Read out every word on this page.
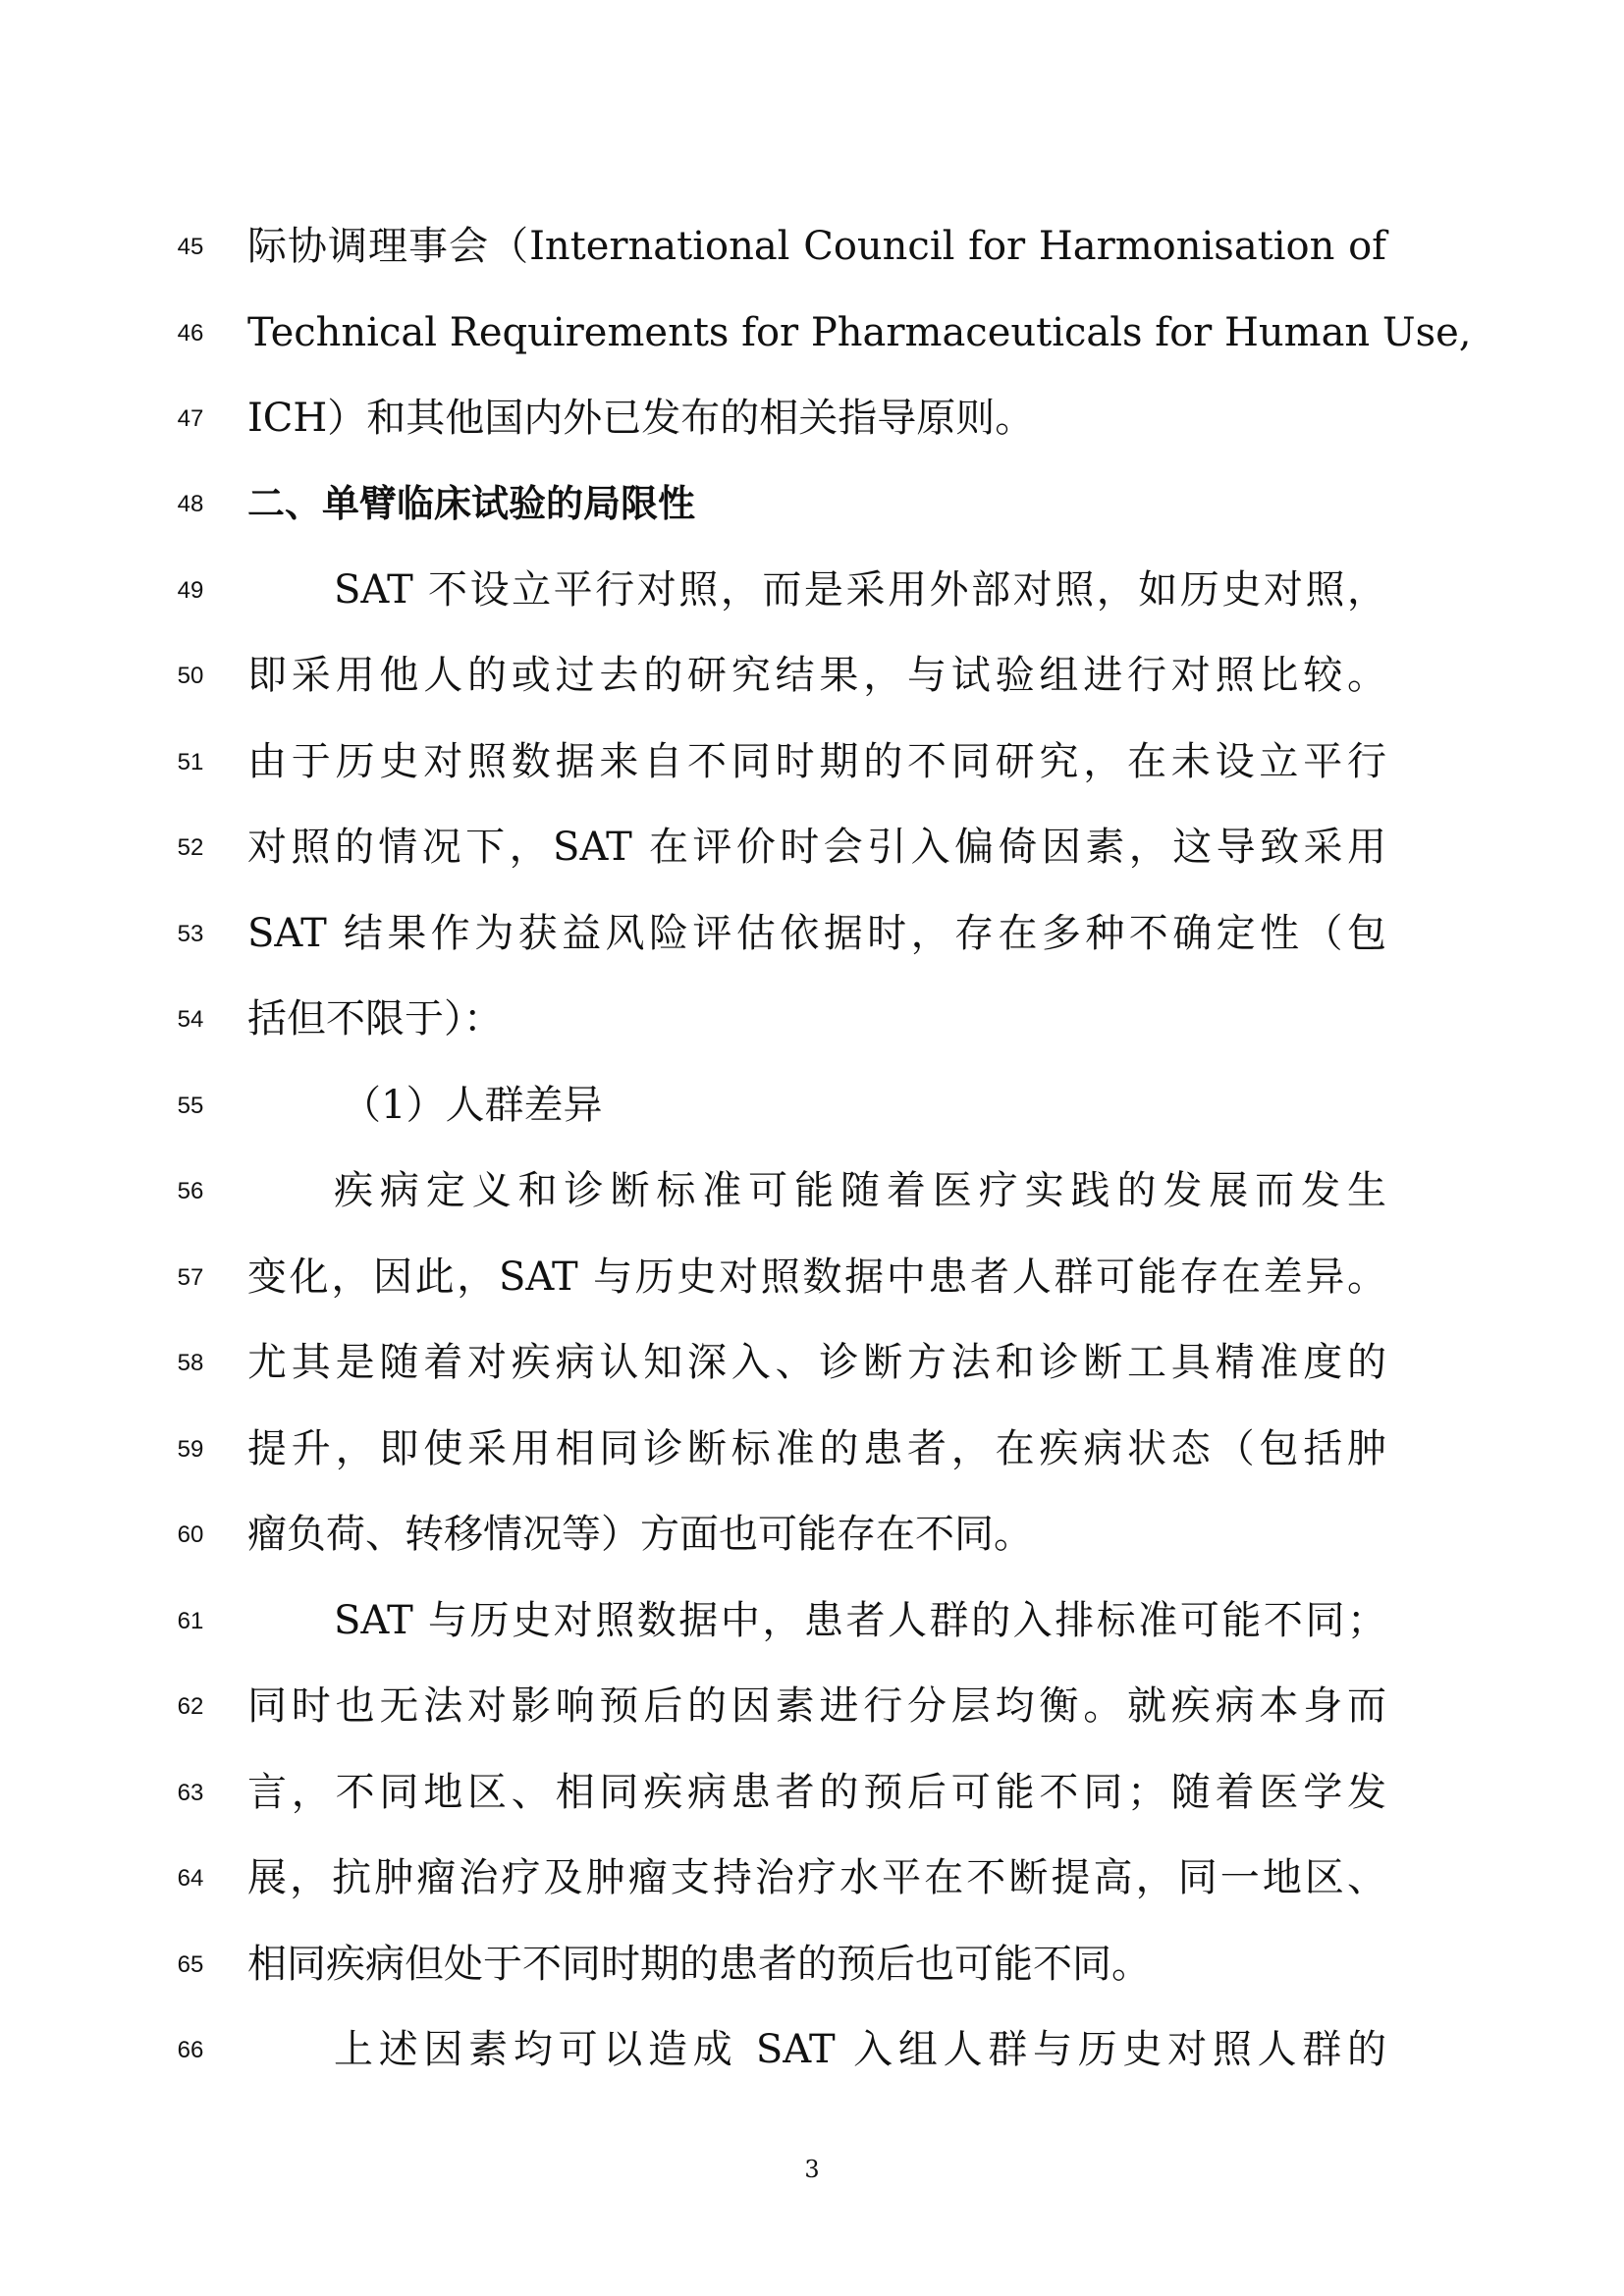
45	际协调理事会（International Council for Harmonisation of
46	Technical Requirements for Pharmaceuticals for Human Use,
47	ICH）和其他国内外已发布的相关指导原则。
48	二、单臂临床试验的局限性
49	SAT 不设立平行对照，而是采用外部对照，如历史对照，
50	即采用他人的或过去的研究结果，与试验组进行对照比较。
51	由于历史对照数据来自不同时期的不同研究，在未设立平行
52	对照的情况下，SAT 在评价时会引入偏倚因素，这导致采用
53	SAT 结果作为获益风险评估依据时，存在多种不确定性（包
54	括但不限于）：
55	（1）人群差异
56	疾病定义和诊断标准可能随着医疗实践的发展而发生
57	变化，因此，SAT 与历史对照数据中患者人群可能存在差异。
58	尤其是随着对疾病认知深入、诊断方法和诊断工具精准度的
59	提升，即使采用相同诊断标准的患者，在疾病状态（包括肿
60	瘤负荷、转移情况等）方面也可能存在不同。
61	SAT 与历史对照数据中，患者人群的入排标准可能不同；
62	同时也无法对影响预后的因素进行分层均衡。就疾病本身而
63	言，不同地区、相同疾病患者的预后可能不同；随着医学发
64	展，抗肿瘤治疗及肿瘤支持治疗水平在不断提高，同一地区、
65	相同疾病但处于不同时期的患者的预后也可能不同。
66	上述因素均可以造成 SAT 入组人群与历史对照人群的
3
